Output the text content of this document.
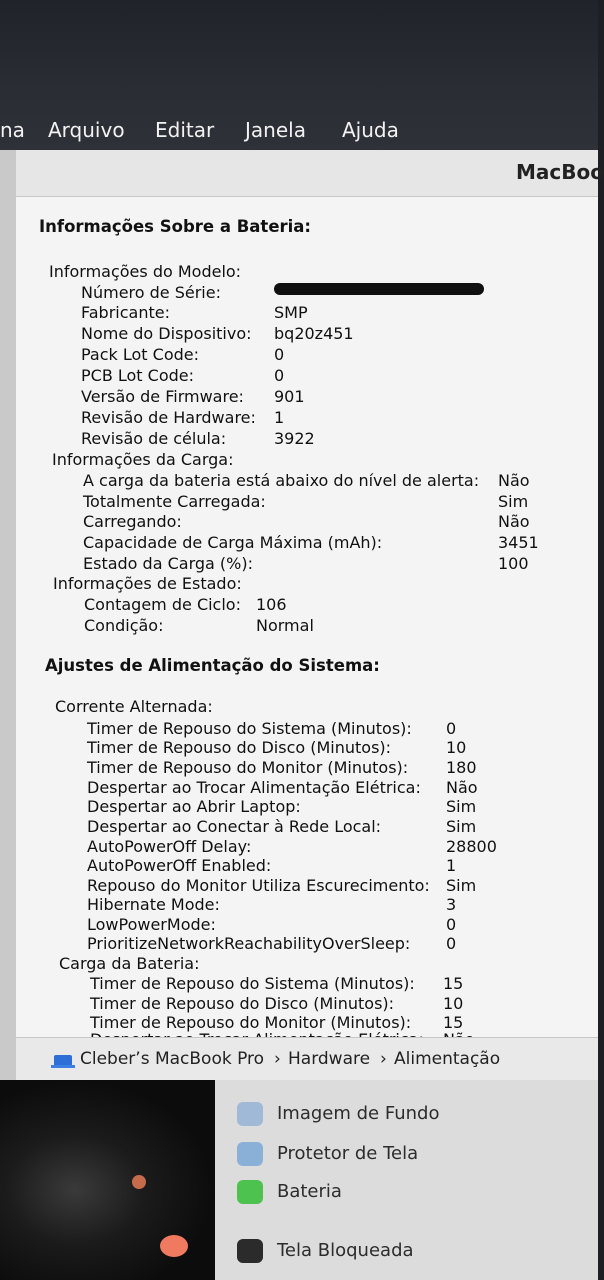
na Arquivo Editar Janela Ajuda
MacBoo
Informações Sobre a Bateria:
Informações do Modelo:
Número de Série:
Fabricante:	SMP
Nome do Dispositivo: bq20z451
Pack Lot Code:	0
PCB Lot Code:	0
Versão de Firmware: 901
Revisão de Hardware: 1
Revisão de célula:	3922
Informações da Carga:
A carga da bateria está abaixo do nível de alerta: Não
Totalmente Carregada:	Sim
Carregando:	Não
Capacidade de Carga Máxima (mAh):	3451
Estado da Carga (%):	100
Informações de Estado:
Contagem de Ciclo: 106
Condição:	Normal
Ajustes de Alimentação do Sistema:
Corrente Alternada:
Timer de Repouso do Sistema (Minutos): 0
Timer de Repouso do Disco (Minutos):	10
Timer de Repouso do Monitor (Minutos): 180
Despertar ao Trocar Alimentação Elétrica: Não
Despertar ao Abrir Laptop:	Sim
Despertar ao Conectar à Rede Local:	Sim
AutoPowerOff Delay:	28800
AutoPowerOff Enabled:	1
Repouso do Monitor Utiliza Escurecimento: Sim
Hibernate Mode:	3
LowPowerMode:	0
PrioritizeNetworkReachabilityOverSleep: 0
Carga da Bateria:
Timer de Repouso do Sistema (Minutos): 15
Timer de Repouso do Disco (Minutos):	10
Timer de Repouso do Monitor (Minutos): 15
Cleber’s MacBook Pro › Hardware › Alimentação
Imagem de Fundo
Protetor de Tela
Bateria
Tela Bloqueada
